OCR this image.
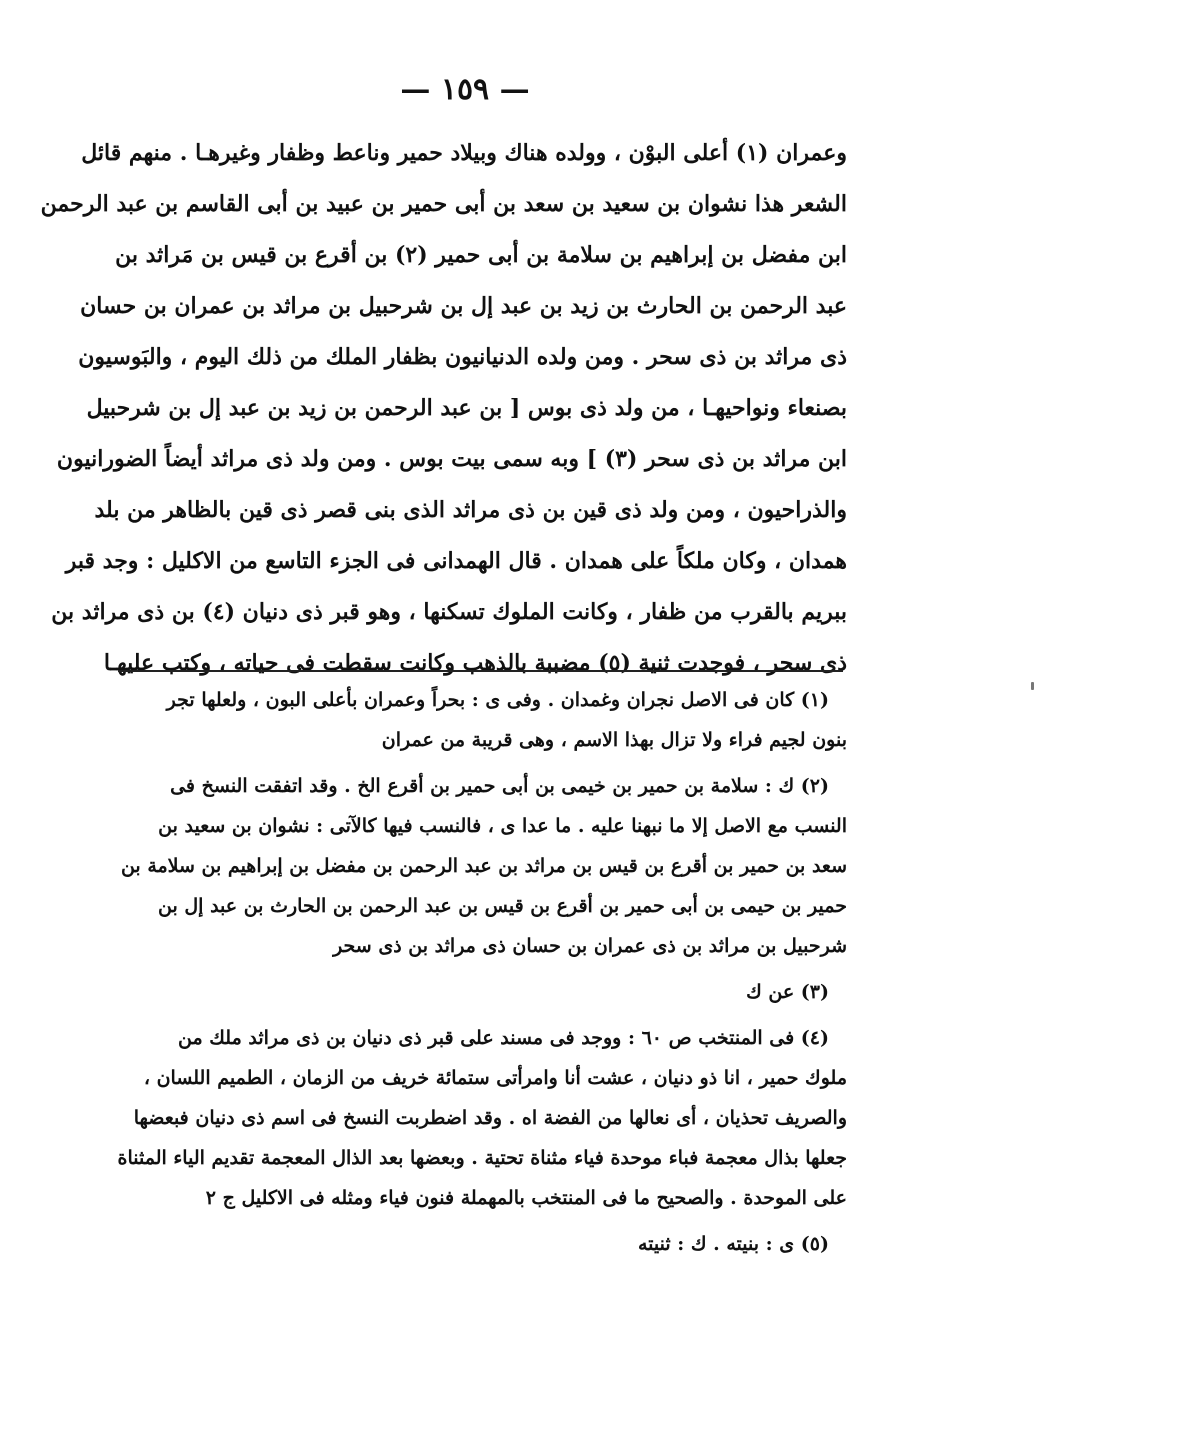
— ١٥٩ —
وعمران (١) أعلى البوْن ، وولده هناك وبيلاد حمير وناعط وظفار وغيرهـا . منهم قائل
الشعر هذا نشوان بن سعيد بن سعد بن أبى حمير بن عبيد بن أبى القاسم بن عبد الرحمن
ابن مفضل بن إبراهيم بن سلامة بن أبى حمير (٢) بن أقرع بن قيس بن مَراثد بن
عبد الرحمن بن الحارث بن زيد بن عبد إل بن شرحبيل بن مراثد بن عمران بن حسان
ذى مراثد بن ذى سحر . ومن ولده الدنيانيون بظفار الملك من ذلك اليوم ، والبَوسيون
بصنعاء ونواحيهـا ، من ولد ذى بوس [ بن عبد الرحمن بن زيد بن عبد إل بن شرحبيل
ابن مراثد بن ذى سحر (٣) ] وبه سمى بيت بوس . ومن ولد ذى مراثد أيضاً الضورانيون
والذراحيون ، ومن ولد ذى قين بن ذى مراثد الذى بنى قصر ذى قين بالظاهر من بلد
همدان ، وكان ملكاً على همدان . قال الهمدانى فى الجزء التاسع من الاكليل : وجد قبر
ببريم بالقرب من ظفار ، وكانت الملوك تسكنها ، وهو قبر ذى دنيان (٤) بن ذى مراثد بن
ذى سحر ، فوجدت ثنية (٥) مضببة بالذهب وكانت سقطت فى حياته ، وكتب عليهـا
(١) كان فى الاصل نجران وغمدان . وفى ى : بحراً وعمران بأعلى البون ، ولعلها تجر
بنون لجيم فراء ولا تزال بهذا الاسم ، وهى قريبة من عمران
(٢) ك : سلامة بن حمير بن خيمى بن أبى حمير بن أقرع الخ . وقد اتفقت النسخ فى
النسب مع الاصل إلا ما نبهنا عليه . ما عدا ى ، فالنسب فيها كالآتى : نشوان بن سعيد بن
سعد بن حمير بن أقرع بن قيس بن مراثد بن عبد الرحمن بن مفضل بن إبراهيم بن سلامة بن
حمير بن حيمى بن أبى حمير بن أقرع بن قيس بن عبد الرحمن بن الحارث بن عبد إل بن
شرحبيل بن مراثد بن ذى عمران بن حسان ذى مراثد بن ذى سحر
(٣) عن ك
(٤) فى المنتخب ص ٦٠ : ووجد فى مسند على قبر ذى دنيان بن ذى مراثد ملك من
ملوك حمير ، انا ذو دنيان ، عشت أنا وامرأتى ستمائة خريف من الزمان ، الطميم اللسان ،
والصريف تحذيان ، أى نعالها من الفضة اه . وقد اضطربت النسخ فى اسم ذى دنيان فبعضها
جعلها بذال معجمة فباء موحدة فياء مثناة تحتية . وبعضها بعد الذال المعجمة تقديم الياء المثناة
على الموحدة . والصحيح ما فى المنتخب بالمهملة فنون فياء ومثله فى الاكليل ج ٢
(٥) ى : بنيته . ك : ثنيته
